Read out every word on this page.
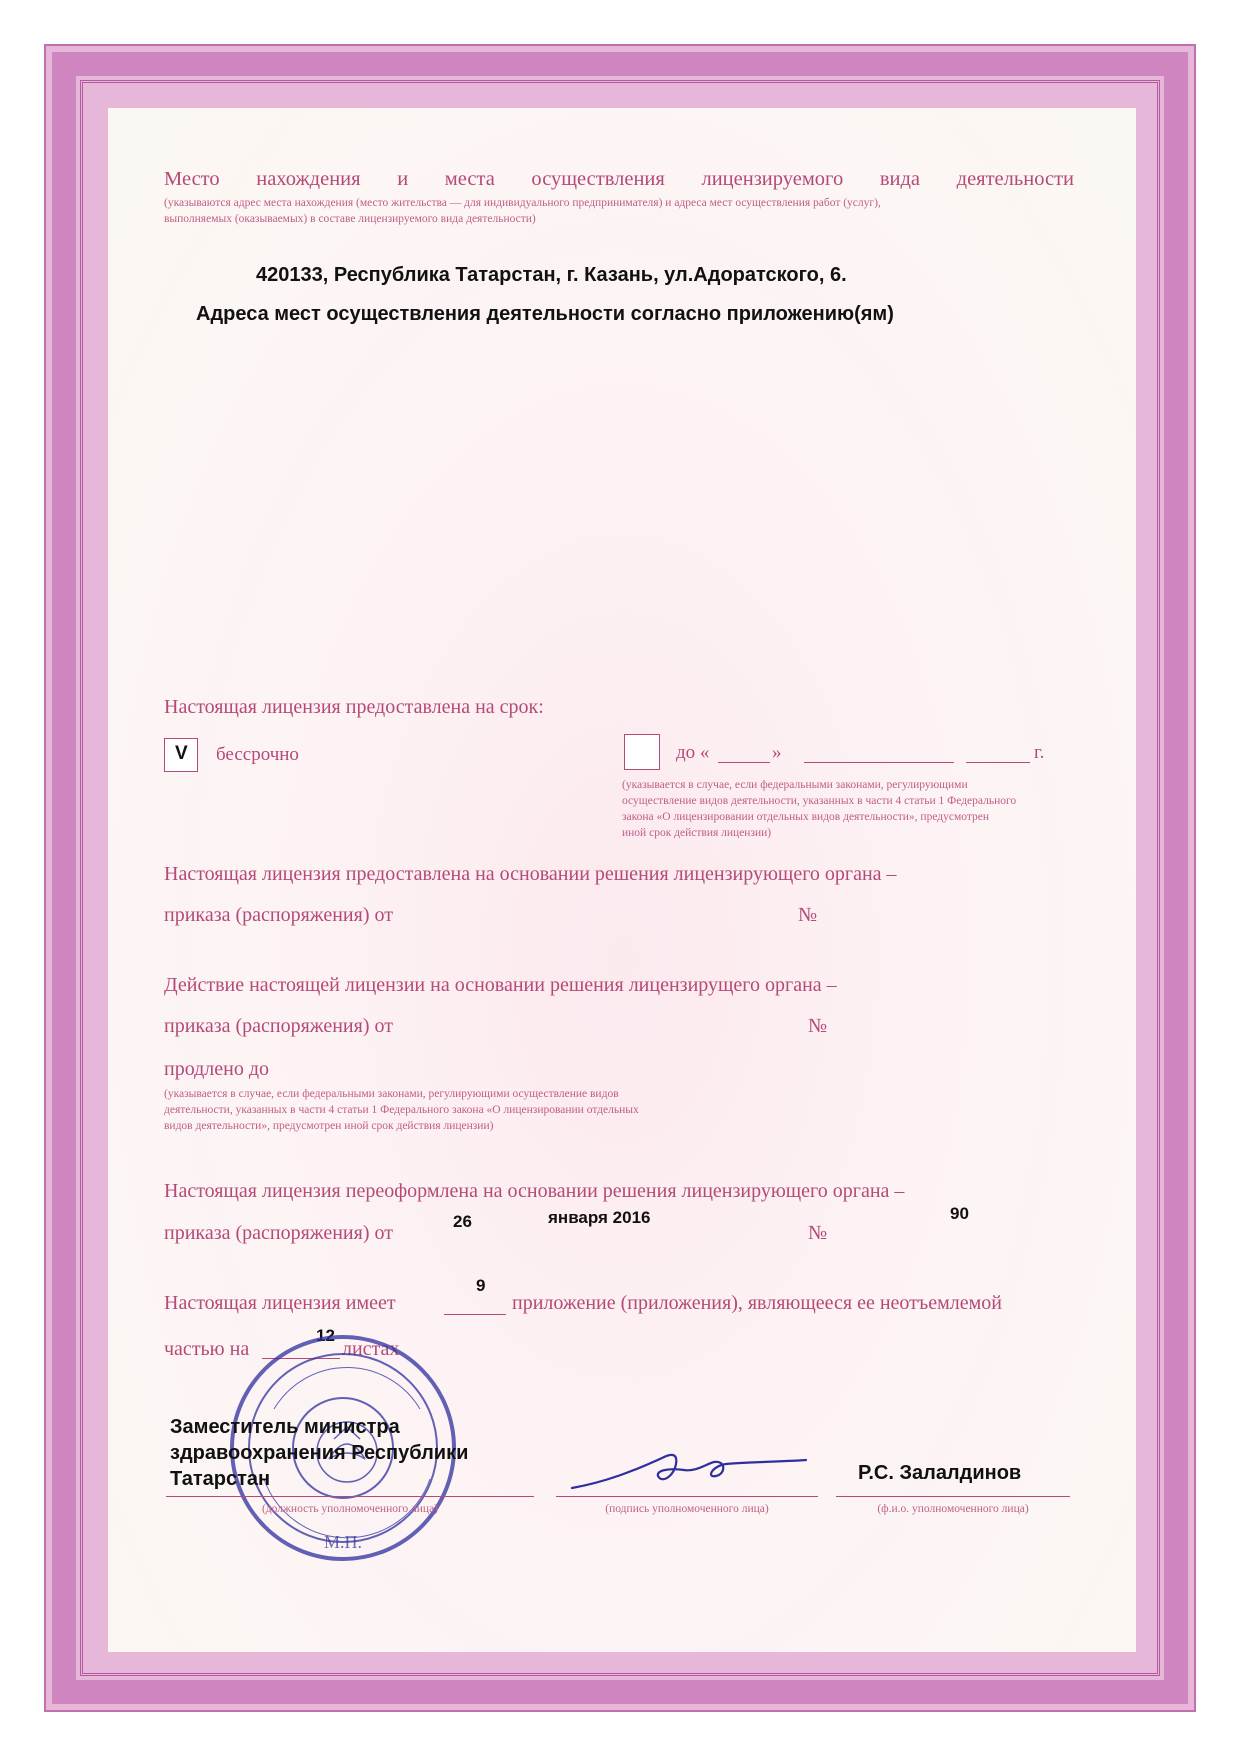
Место нахождения и места осуществления лицензируемого вида деятельности
(указываются адрес места нахождения (место жительства — для индивидуального предпринимателя) и адреса мест осуществления работ (услуг),
выполняемых (оказываемых) в составе лицензируемого вида деятельности)
420133, Республика Татарстан, г. Казань, ул.Адоратского, 6.
Адреса мест осуществления деятельности согласно приложению(ям)
Настоящая лицензия предоставлена на срок:
V бессрочно	до «	»	г.
(указывается в случае, если федеральными законами, регулирующими
осуществление видов деятельности, указанных в части 4 статьи 1 Федерального
закона «О лицензировании отдельных видов деятельности», предусмотрен
иной срок действия лицензии)
Настоящая лицензия предоставлена на основании решения лицензирующего органа –
приказа (распоряжения) от	№
Действие настоящей лицензии на основании решения лицензирущего органа –
приказа (распоряжения) от	№
продлено до
(указывается в случае, если федеральными законами, регулирующими осуществление видов
деятельности, указанных в части 4 статьи 1 Федерального закона «О лицензировании отдельных
видов деятельности», предусмотрен иной срок действия лицензии)
Настоящая лицензия переоформлена на основании решения лицензирующего органа –
приказа (распоряжения) от
26	января 2016
№
90
Настоящая лицензия имеет
9
приложение (приложения), являющееся ее неотъемлемой
частью на
12
листах
М.П.
Заместитель министра
здравоохранения Республики
Татарстан
(должность уполномоченного лица)	(подпись уполномоченного лица)
Р.С. Залалдинов
(ф.и.о. уполномоченного лица)
